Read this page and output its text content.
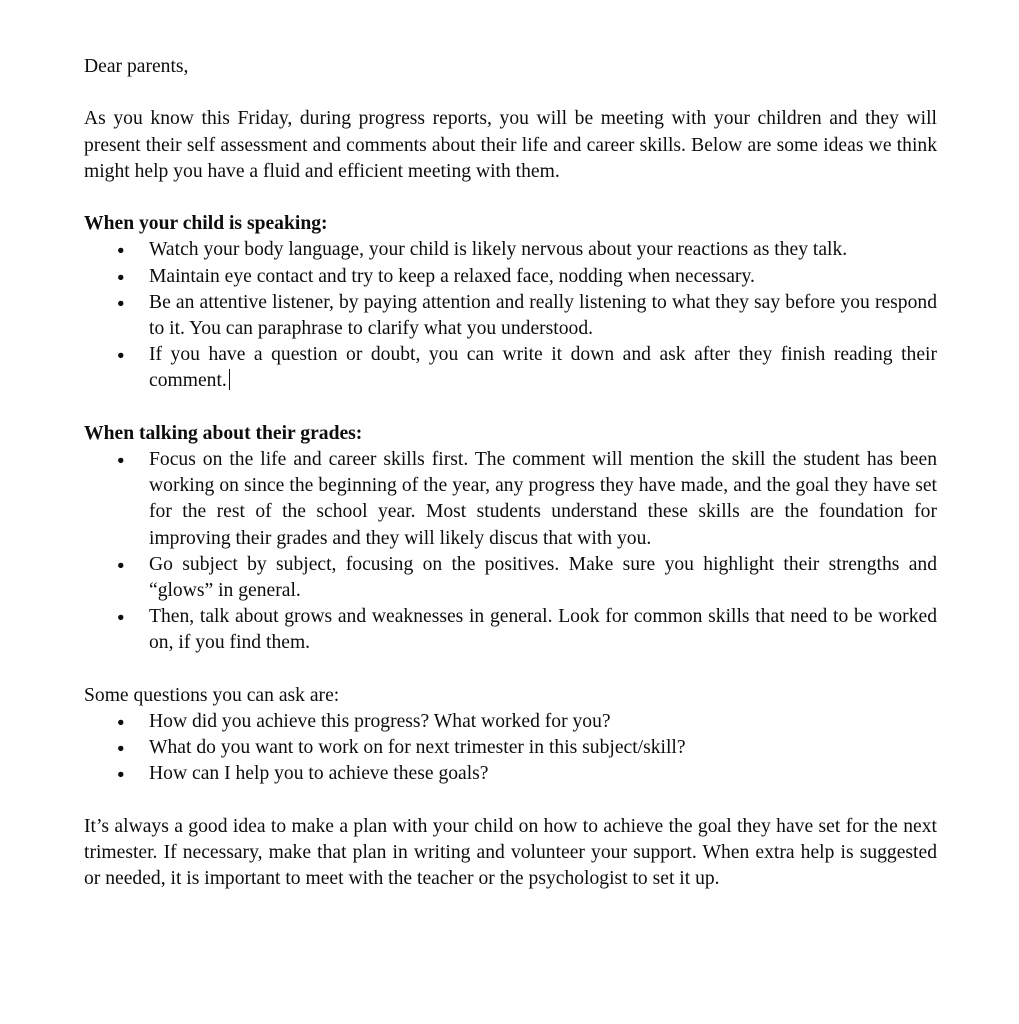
Dear parents,

As you know this Friday, during progress reports, you will be meeting with your children and they will present their self assessment and comments about their life and career skills. Below are some ideas we think might help you have a fluid and efficient meeting with them.

When your child is speaking:
● Watch your body language, your child is likely nervous about your reactions as they talk.
● Maintain eye contact and try to keep a relaxed face, nodding when necessary.
● Be an attentive listener, by paying attention and really listening to what they say before you respond to it. You can paraphrase to clarify what you understood.
● If you have a question or doubt, you can write it down and ask after they finish reading their comment.
When talking about their grades:
● Focus on the life and career skills first. The comment will mention the skill the student has been working on since the beginning of the year, any progress they have made, and the goal they have set for the rest of the school year. Most students understand these skills are the foundation for improving their grades and they will likely discus that with you.
● Go subject by subject, focusing on the positives. Make sure you highlight their strengths and “glows” in general.
● Then, talk about grows and weaknesses in general. Look for common skills that need to be worked on, if you find them.

Some questions you can ask are:

● How did you achieve this progress? What worked for you?
● What do you want to work on for next trimester in this subject/skill?
● How can I help you to achieve these goals?

It’s always a good idea to make a plan with your child on how to achieve the goal they have set for the next trimester. If necessary, make that plan in writing and volunteer your support. When extra help is suggested or needed, it is important to meet with the teacher or the psychologist to set it up.
